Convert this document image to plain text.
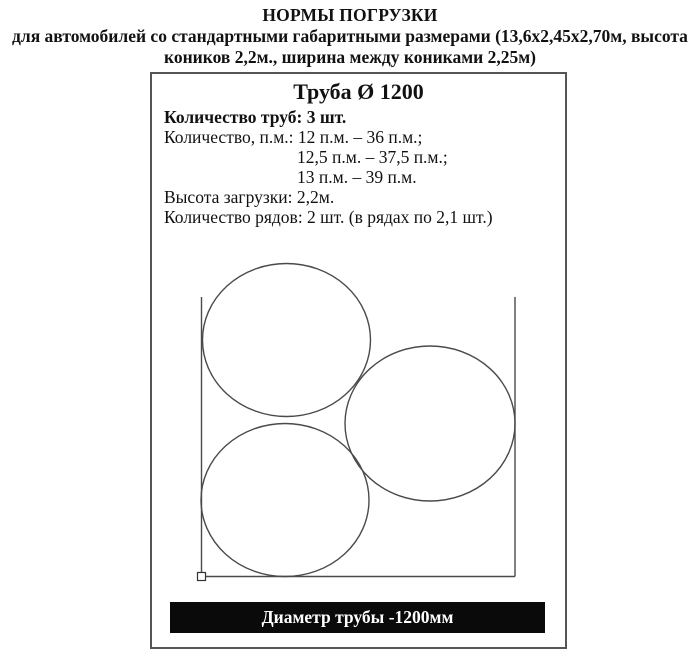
НОРМЫ ПОГРУЗКИ
для автомобилей со стандартными габаритными размерами (13,6х2,45х2,70м, высота
коников 2,2м., ширина между кониками 2,25м)
Труба Ø 1200
Количество труб: 3 шт.
Количество, п.м.: 12 п.м. – 36 п.м.;
12,5 п.м. – 37,5 п.м.;
13 п.м. – 39 п.м.
Высота загрузки: 2,2м.
Количество рядов: 2 шт. (в рядах по 2,1 шт.)
Диаметр трубы -1200мм
